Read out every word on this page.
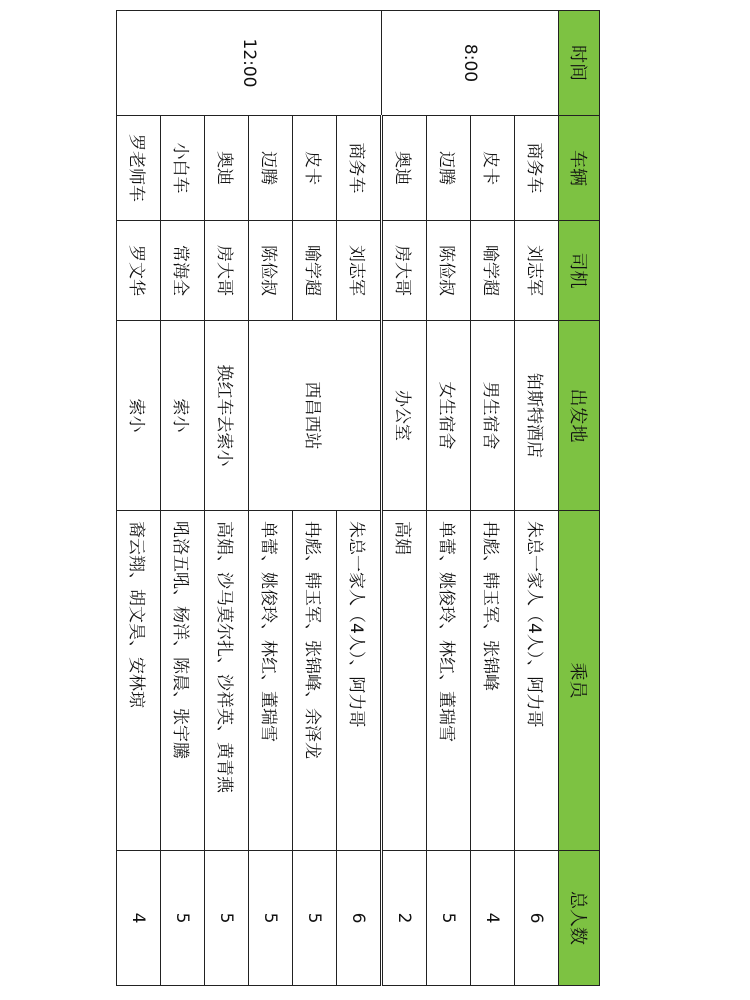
时间	车辆	司机	出发地	乘员	总人数
8:00	商务车	刘志军	铂斯特酒店	朱总一家人（4人）、阿力哥	6
	皮卡	喻学超	男生宿舍	冉彪、韩玉军、张锦峰	4
	迈腾	陈俭叔	女生宿舍	单蕾、姚俊玲、林红、董瑞雪	5
	奥迪	房大哥	办公室	高娟	2
12:00	商务车	刘志军	西昌西站	朱总一家人（4人）、阿力哥	6
	皮卡	喻学超		冉彪、韩玉军、张锦峰、余泽龙	5
	迈腾	陈俭叔		单蕾、姚俊玲、林红、董瑞雪	5
	奥迪	房大哥	换红车去索小	高娟、沙马莫尔扎、沙祥英、黄青燕	5
	小白车	常海全	索小	吼洛五吼、杨洋、陈晨、张宇騰	5
	罗老师车	罗文华	索小	裔云翔、胡文昊、安林琼	4
